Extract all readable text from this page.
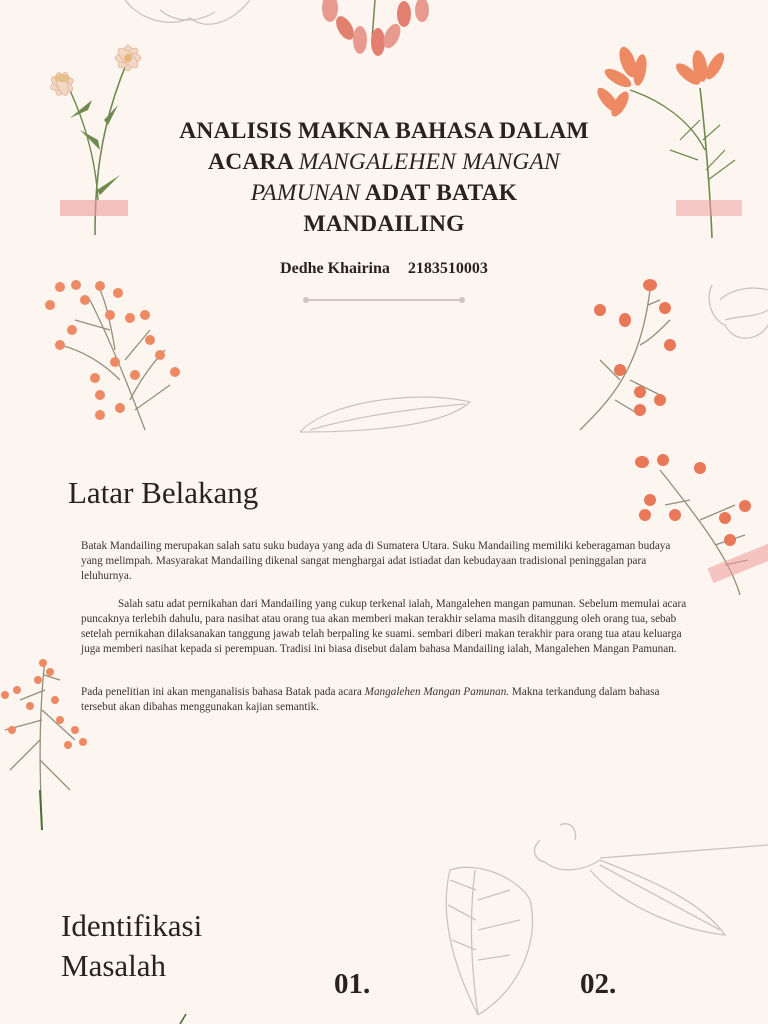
ANALISIS MAKNA BAHASA DALAM
ACARA MANGALEHEN MANGAN
PAMUNAN ADAT BATAK
MANDAILING
Dedhe Khairina 2183510003
Latar Belakang

Batak Mandailing merupakan salah satu suku budaya yang ada di Sumatera Utara. Suku Mandailing memiliki keberagaman budaya yang melimpah. Masyarakat Mandailing dikenal sangat menghargai adat istiadat dan kebudayaan tradisional peninggalan para leluhurnya.

Salah satu adat pernikahan dari Mandailing yang cukup terkenal ialah, Mangalehen mangan pamunan. Sebelum memulai acara puncaknya terlebih dahulu, para nasihat atau orang tua akan memberi makan terakhir selama masih ditanggung oleh orang tua, sebab setelah pernikahan dilaksanakan tanggung jawab telah berpaling ke suami. sembari diberi makan terakhir para orang tua atau keluarga juga memberi nasihat kepada si perempuan. Tradisi ini biasa disebut dalam bahasa Mandailing ialah, Mangalehen Mangan Pamunan.

Pada penelitian ini akan menganalisis bahasa Batak pada acara Mangalehen Mangan Pamunan. Makna terkandung dalam bahasa tersebut akan dibahas menggunakan kajian semantik.

Identifikasi
Masalah
01.	02.
